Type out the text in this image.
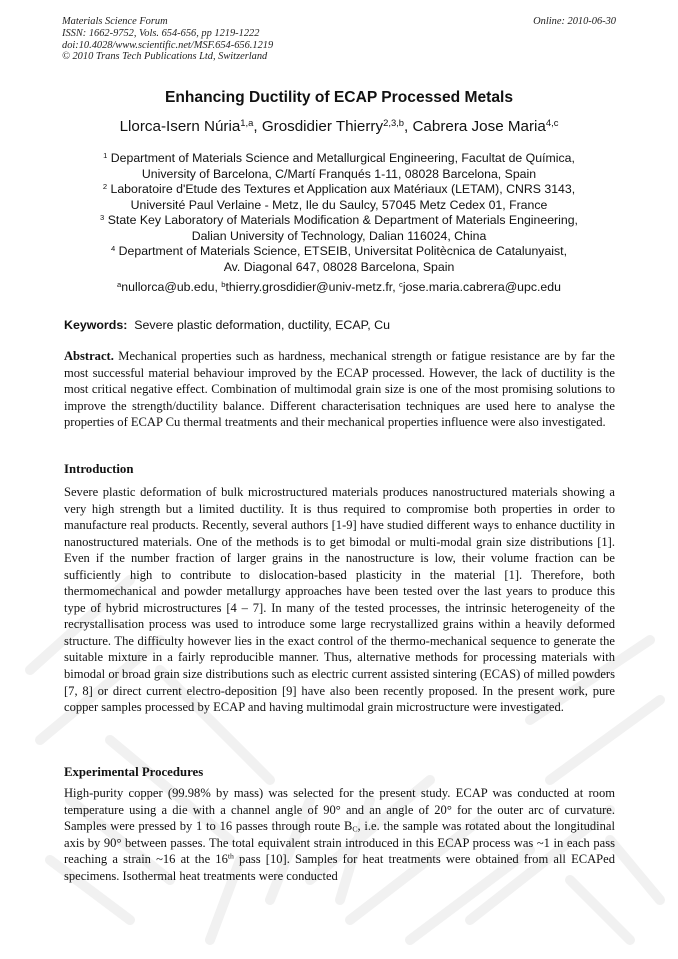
Materials Science Forum
ISSN: 1662-9752, Vols. 654-656, pp 1219-1222
doi:10.4028/www.scientific.net/MSF.654-656.1219
© 2010 Trans Tech Publications Ltd, Switzerland
Online: 2010-06-30
Enhancing Ductility of ECAP Processed Metals
Llorca-Isern Núria$^{1,a}$, Grosdidier Thierry$^{2,3,b}$, Cabrera Jose Maria$^{4,c}$
$^1$ Department of Materials Science and Metallurgical Engineering, Facultat de Química,
University of Barcelona, C/Martí Franqués 1-11, 08028 Barcelona, Spain
$^2$ Laboratoire d'Etude des Textures et Application aux Matériaux (LETAM), CNRS 3143,
Université Paul Verlaine - Metz, Ile du Saulcy, 57045 Metz Cedex 01, France
$^3$ State Key Laboratory of Materials Modification & Department of Materials Engineering,
Dalian University of Technology, Dalian 116024, China
$^4$ Department of Materials Science, ETSEIB, Universitat Politècnica de Catalunyaist,
Av. Diagonal 647, 08028 Barcelona, Spain
$^a$nullorca@ub.edu, $^b$thierry.grosdidier@univ-metz.fr, $^c$jose.maria.cabrera@upc.edu
Keywords:  Severe plastic deformation, ductility, ECAP, Cu
Abstract. Mechanical properties such as hardness, mechanical strength or fatigue resistance are by far the most successful material behaviour improved by the ECAP processed. However, the lack of ductility is the most critical negative effect. Combination of multimodal grain size is one of the most promising solutions to improve the strength/ductility balance. Different characterisation techniques are used here to analyse the properties of ECAP Cu thermal treatments and their mechanical properties influence were also investigated.
Introduction
Severe plastic deformation of bulk microstructured materials produces nanostructured materials showing a very high strength but a limited ductility. It is thus required to compromise both properties in order to manufacture real products. Recently, several authors [1-9] have studied different ways to enhance ductility in nanostructured materials. One of the methods is to get bimodal or multi-modal grain size distributions [1]. Even if the number fraction of larger grains in the nanostructure is low, their volume fraction can be sufficiently high to contribute to dislocation-based plasticity in the material [1]. Therefore, both thermomechanical and powder metallurgy approaches have been tested over the last years to produce this type of hybrid microstructures [4 – 7]. In many of the tested processes, the intrinsic heterogeneity of the recrystallisation process was used to introduce some large recrystallized grains within a heavily deformed structure. The difficulty however lies in the exact control of the thermo-mechanical sequence to generate the suitable mixture in a fairly reproducible manner. Thus, alternative methods for processing materials with bimodal or broad grain size distributions such as electric current assisted sintering (ECAS) of milled powders [7, 8] or direct current electro-deposition [9] have also been recently proposed. In the present work, pure copper samples processed by ECAP and having multimodal grain microstructure were investigated.
Experimental Procedures
High-purity copper (99.98% by mass) was selected for the present study. ECAP was conducted at room temperature using a die with a channel angle of 90° and an angle of 20° for the outer arc of curvature. Samples were pressed by 1 to 16 passes through route $B_C$, i.e. the sample was rotated about the longitudinal axis by 90° between passes. The total equivalent strain introduced in this ECAP process was ~1 in each pass reaching a strain ~16 at the 16th pass [10]. Samples for heat treatments were obtained from all ECAPed specimens. Isothermal heat treatments were conducted
